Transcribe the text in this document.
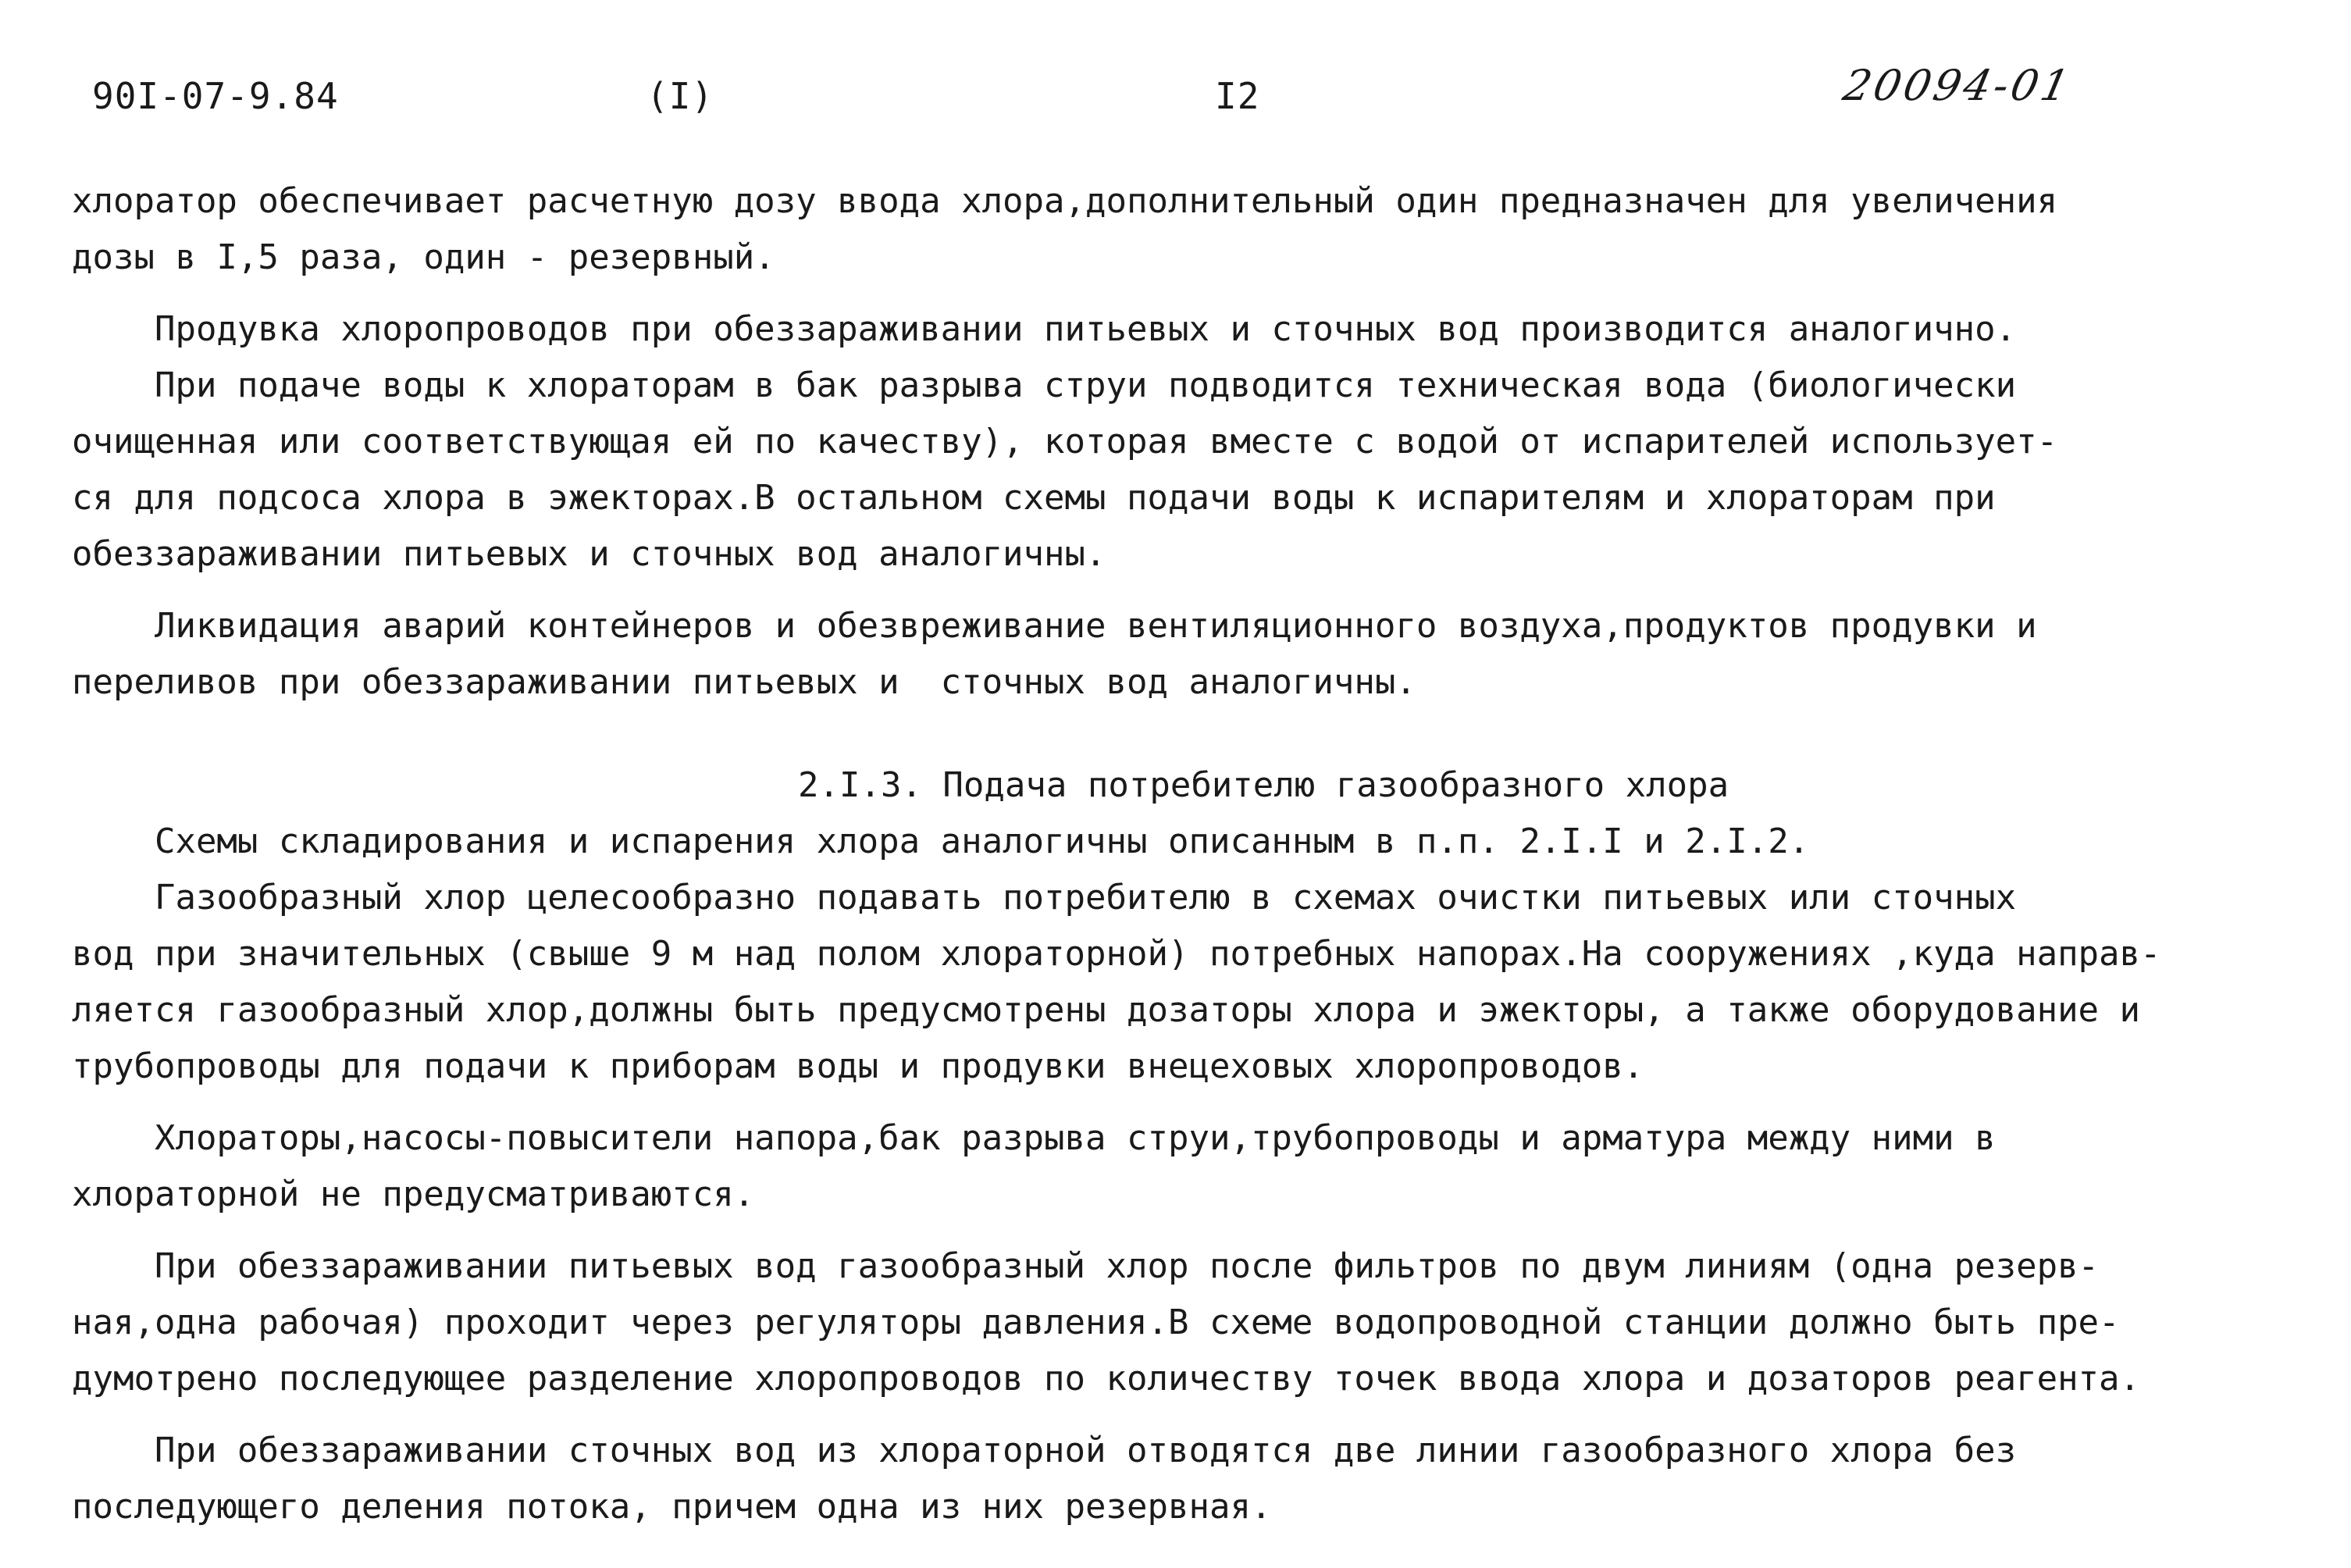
90I-07-9.84	(I)	I2	20094-01
хлоратор обеспечивает расчетную дозу ввода хлора,дополнительный один предназначен для увеличения
дозы в I,5 раза, один - резервный.
Продувка хлоропроводов при обеззараживании питьевых и сточных вод производится аналогично.
При подаче воды к хлораторам в бак разрыва струи подводится техническая вода (биологически
очищенная или соответствующая ей по качеству), которая вместе с водой от испарителей использует-
ся для подсоса хлора в эжекторах.В остальном схемы подачи воды к испарителям и хлораторам при
обеззараживании питьевых и сточных вод аналогичны.
Ликвидация аварий контейнеров и обезвреживание вентиляционного воздуха,продуктов продувки и
переливов при обеззараживании питьевых и  сточных вод аналогичны.
2.I.3. Подача потребителю газообразного хлора
Схемы складирования и испарения хлора аналогичны описанным в п.п. 2.I.I и 2.I.2.
Газообразный хлор целесообразно подавать потребителю в схемах очистки питьевых или сточных
вод при значительных (свыше 9 м над полом хлораторной) потребных напорах.На сооружениях ,куда направ-
ляется газообразный хлор,должны быть предусмотрены дозаторы хлора и эжекторы, а также оборудование и
трубопроводы для подачи к приборам воды и продувки внецеховых хлоропроводов.
Хлораторы,насосы-повысители напора,бак разрыва струи,трубопроводы и арматура между ними в
хлораторной не предусматриваются.
При обеззараживании питьевых вод газообразный хлор после фильтров по двум линиям (одна резерв-
ная,одна рабочая) проходит через регуляторы давления.В схеме водопроводной станции должно быть пре-
думотрено последующее разделение хлоропроводов по количеству точек ввода хлора и дозаторов реагента.
При обеззараживании сточных вод из хлораторной отводятся две линии газообразного хлора без
последующего деления потока, причем одна из них резервная.
